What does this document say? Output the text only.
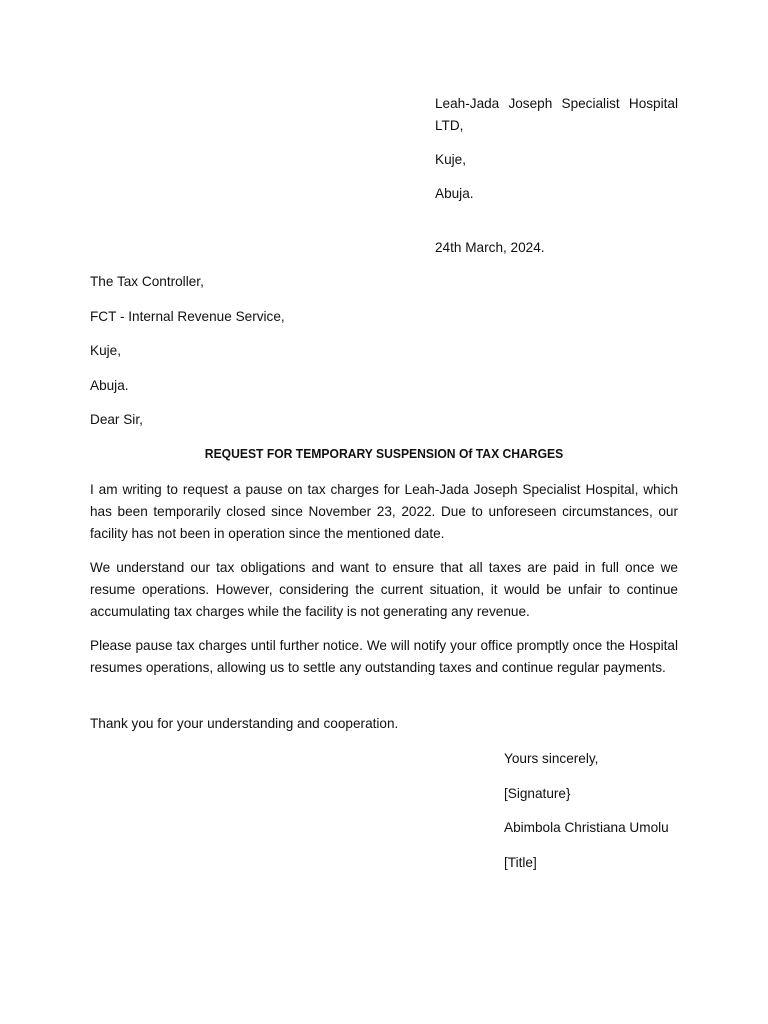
Leah-Jada Joseph Specialist Hospital LTD,
Kuje,
Abuja.
24th March, 2024.
The Tax Controller,
FCT - Internal Revenue Service,
Kuje,
Abuja.
Dear Sir,
REQUEST FOR TEMPORARY SUSPENSION Of TAX CHARGES
I am writing to request a pause on tax charges for Leah-Jada Joseph Specialist Hospital, which has been temporarily closed since November 23, 2022. Due to unforeseen circumstances, our facility has not been in operation since the mentioned date.
We understand our tax obligations and want to ensure that all taxes are paid in full once we resume operations. However, considering the current situation, it would be unfair to continue accumulating tax charges while the facility is not generating any revenue.
Please pause tax charges until further notice. We will notify your office promptly once the Hospital resumes operations, allowing us to settle any outstanding taxes and continue regular payments.
Thank you for your understanding and cooperation.
Yours sincerely,
[Signature}
Abimbola Christiana Umolu
[Title]
